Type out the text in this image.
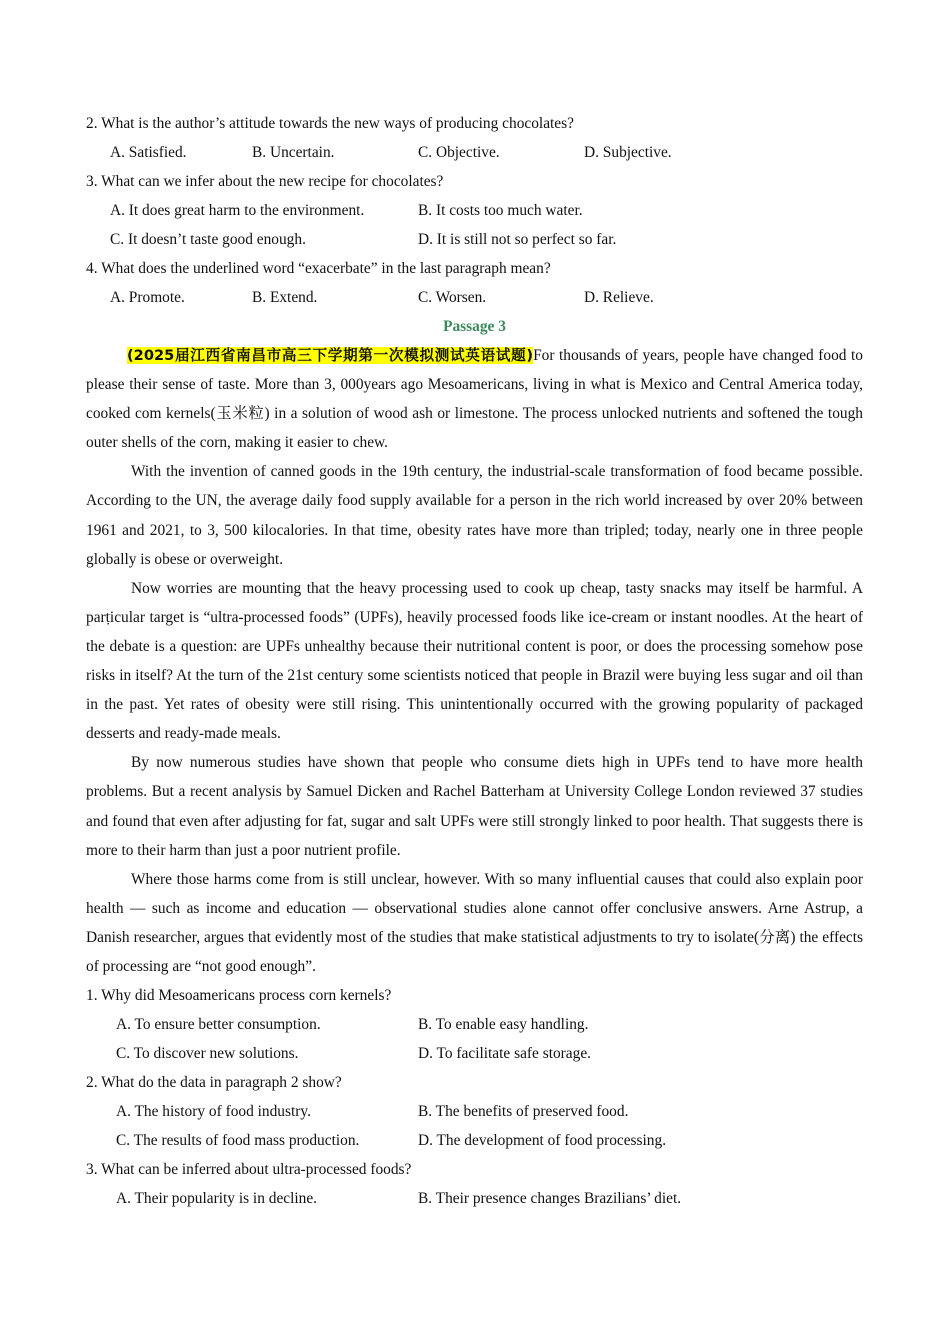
2. What is the author’s attitude towards the new ways of producing chocolates?
A. Satisfied.	B. Uncertain.	C. Objective.	D. Subjective.
3. What can we infer about the new recipe for chocolates?
A. It does great harm to the environment.	B. It costs too much water.
C. It doesn’t taste good enough.	D. It is still not so perfect so far.
4. What does the underlined word “exacerbate” in the last paragraph mean?
A. Promote.	B. Extend.	C. Worsen.	D. Relieve.
Passage 3

(2025届江西省南昌市高三下学期第一次模拟测试英语试题)For thousands of years, people have changed food to please their sense of taste. More than 3, 000years ago Mesoamericans, living in what is Mexico and Central America today, cooked com kernels(玉米粒) in a solution of wood ash or limestone. The process unlocked nutrients and softened the tough outer shells of the corn, making it easier to chew.

With the invention of canned goods in the 19th century, the industrial-scale transformation of food became possible. According to the UN, the average daily food supply available for a person in the rich world increased by over 20% between 1961 and 2021, to 3, 500 kilocalories. In that time, obesity rates have more than tripled; today, nearly one in three people globally is obese or overweight.

Now worries are mounting that the heavy processing used to cook up cheap, tasty snacks may itself be harmful. A parṭicular target is “ultra-processed foods” (UPFs), heavily processed foods like ice-cream or instant noodles. At the heart of the debate is a question: are UPFs unhealthy because their nutritional content is poor, or does the processing somehow pose risks in itself? At the turn of the 21st century some scientists noticed that people in Brazil were buying less sugar and oil than in the past. Yet rates of obesity were still rising. This unintentionally occurred with the growing popularity of packaged desserts and ready-made meals.

By now numerous studies have shown that people who consume diets high in UPFs tend to have more health problems. But a recent analysis by Samuel Dicken and Rachel Batterham at University College London reviewed 37 studies and found that even after adjusting for fat, sugar and salt UPFs were still strongly linked to poor health. That suggests there is more to their harm than just a poor nutrient profile.

Where those harms come from is still unclear, however. With so many influential causes that could also explain poor health — such as income and education — observational studies alone cannot offer conclusive answers. Arne Astrup, a Danish researcher, argues that evidently most of the studies that make statistical adjustments to try to isolate(分离) the effects of processing are “not good enough”.

1. Why did Mesoamericans process corn kernels?
A. To ensure better consumption.	B. To enable easy handling.
C. To discover new solutions.	D. To facilitate safe storage.
2. What do the data in paragraph 2 show?
A. The history of food industry.	B. The benefits of preserved food.
C. The results of food mass production.	D. The development of food processing.
3. What can be inferred about ultra-processed foods?
A. Their popularity is in decline.	B. Their presence changes Brazilians’ diet.
